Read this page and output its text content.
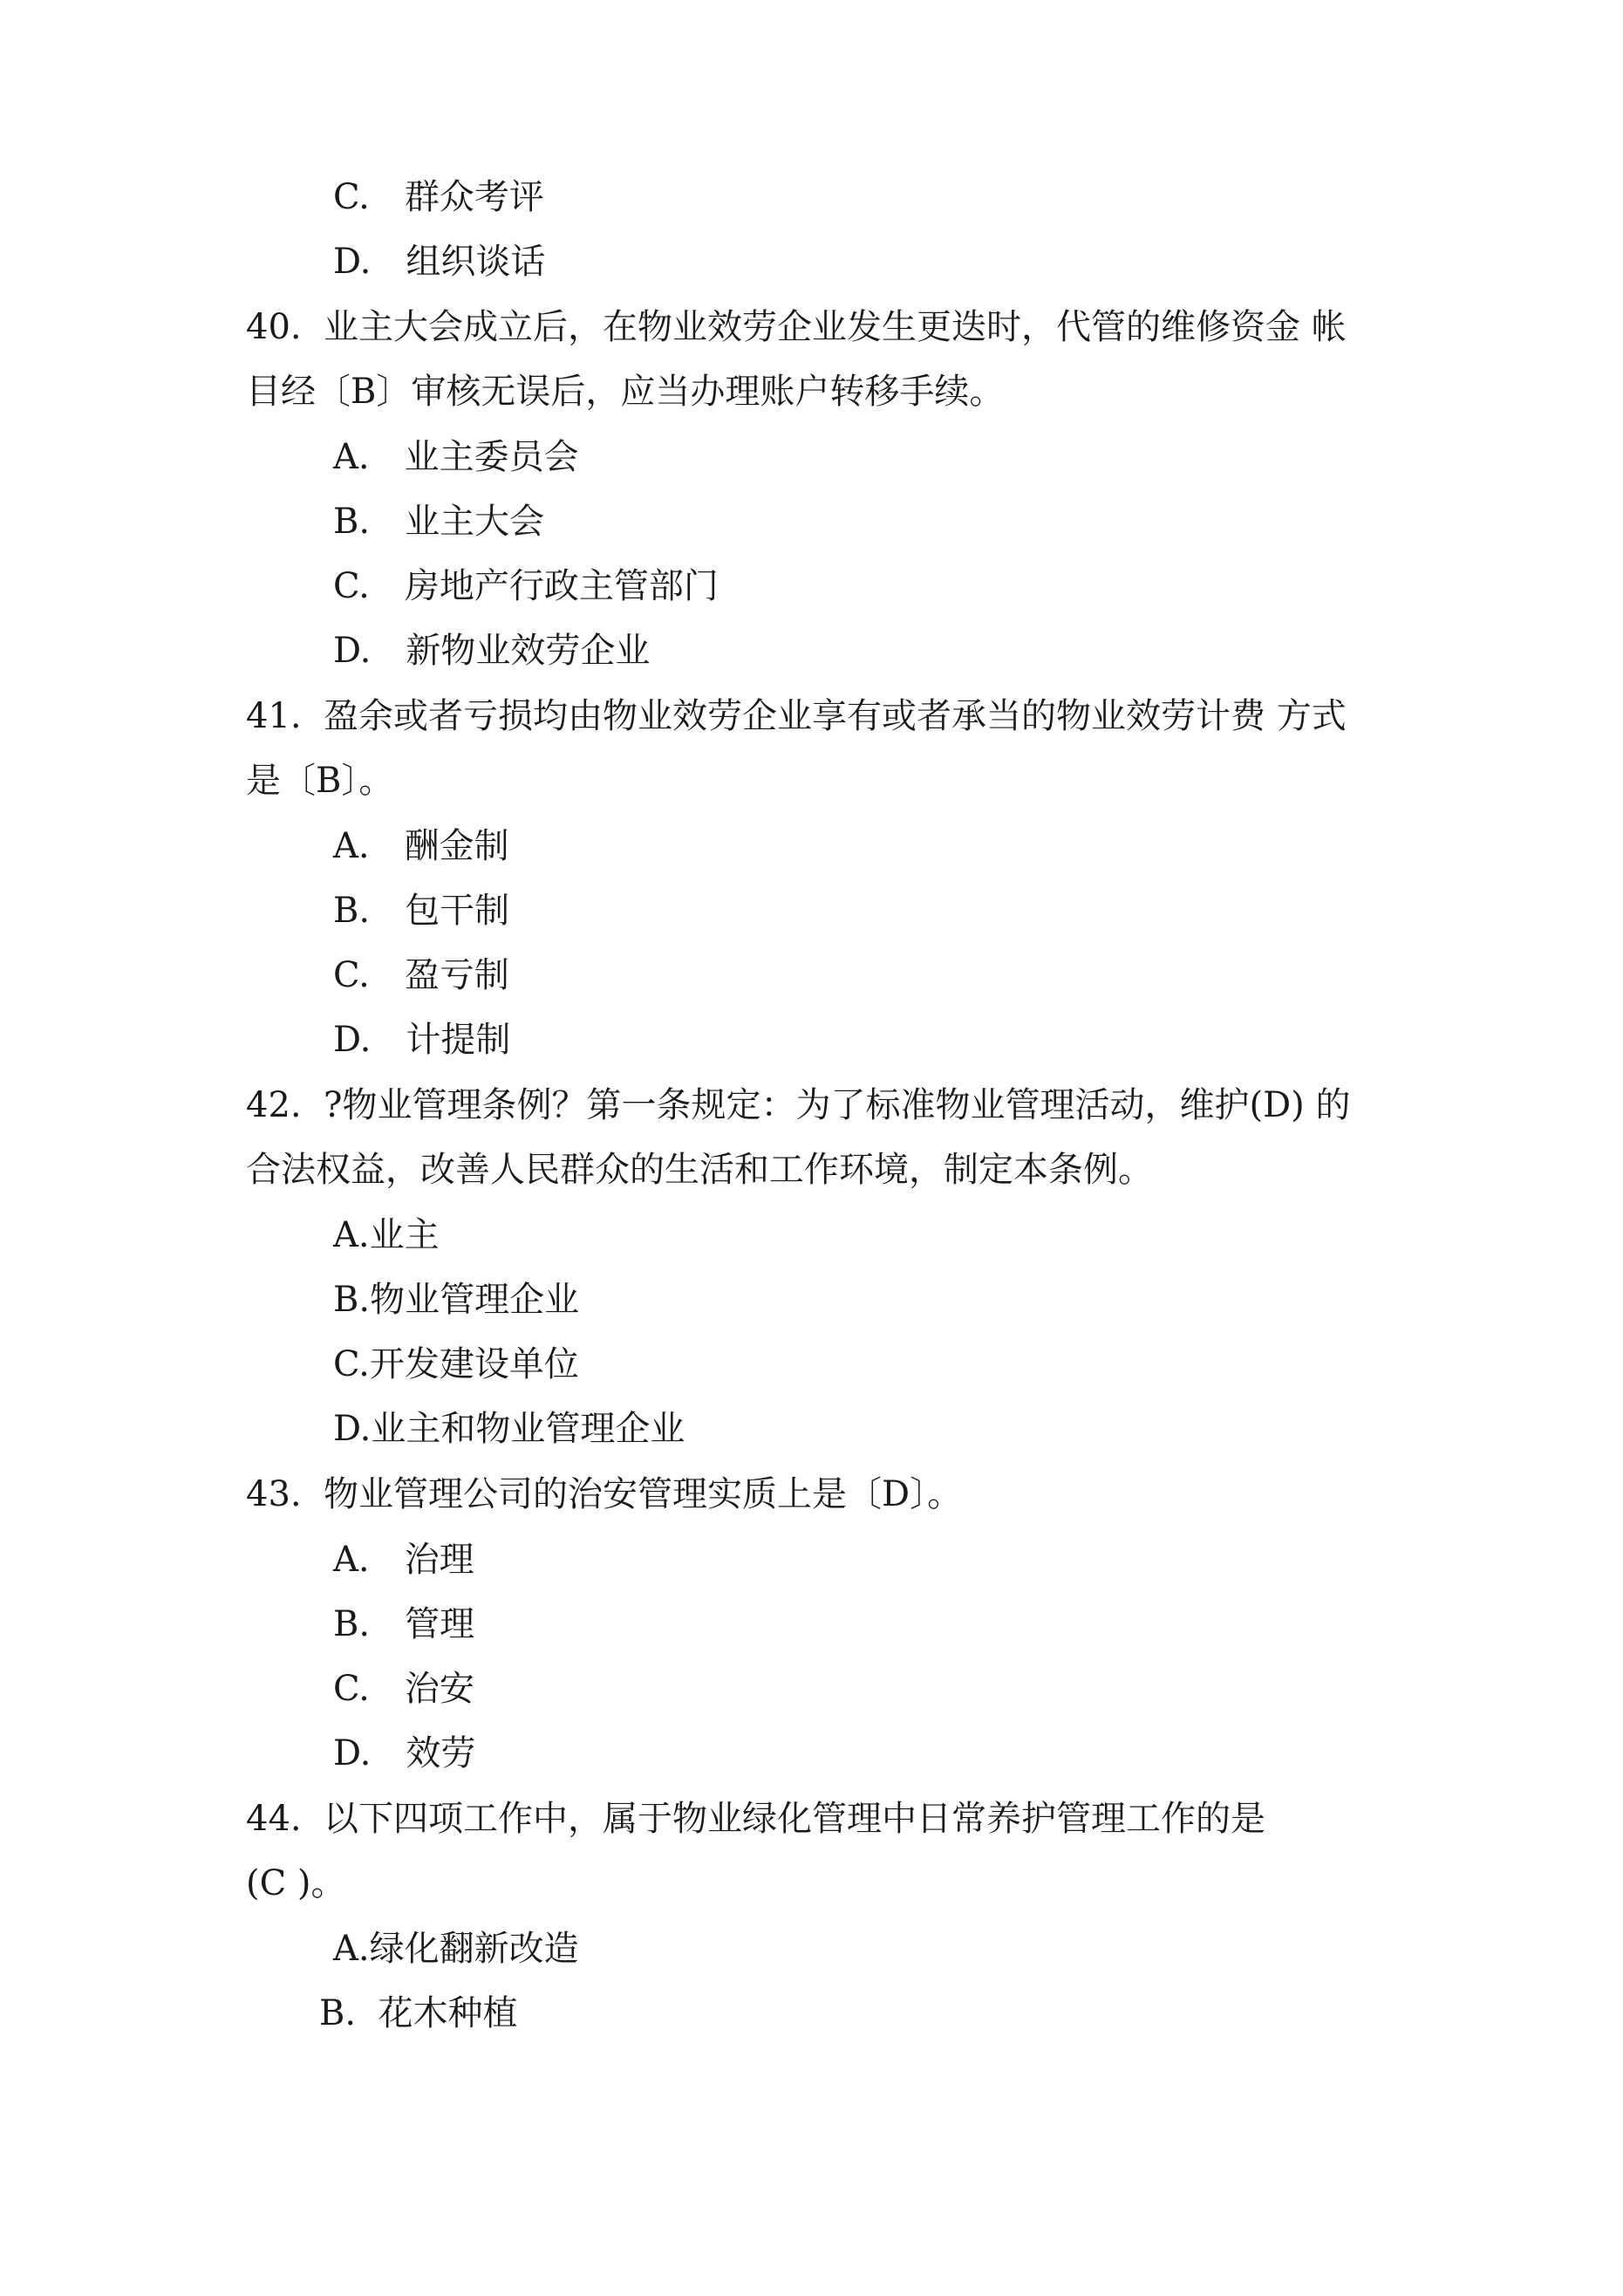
C.　群众考评
D.　组织谈话
40.  业主大会成立后，在物业效劳企业发生更迭时，代管的维修资金 帐
目经〔B〕审核无误后，应当办理账户转移手续。
A.　业主委员会
B.　业主大会
C.　房地产行政主管部门
D.　新物业效劳企业
41.  盈余或者亏损均由物业效劳企业享有或者承当的物业效劳计费 方式
是〔B〕。
A.　酬金制
B.　包干制
C.　盈亏制
D.　计提制
42.  ?物业管理条例？第一条规定：为了标准物业管理活动，维护(D) 的
合法权益，改善人民群众的生活和工作环境，制定本条例。
A.业主
B.物业管理企业
C.开发建设单位
D.业主和物业管理企业
43.  物业管理公司的治安管理实质上是〔D〕。
A.　治理
B.　管理
C.　治安
D.　效劳
44.  以下四项工作中，属于物业绿化管理中日常养护管理工作的是
(C )。
A.绿化翻新改造
B.  花木种植
